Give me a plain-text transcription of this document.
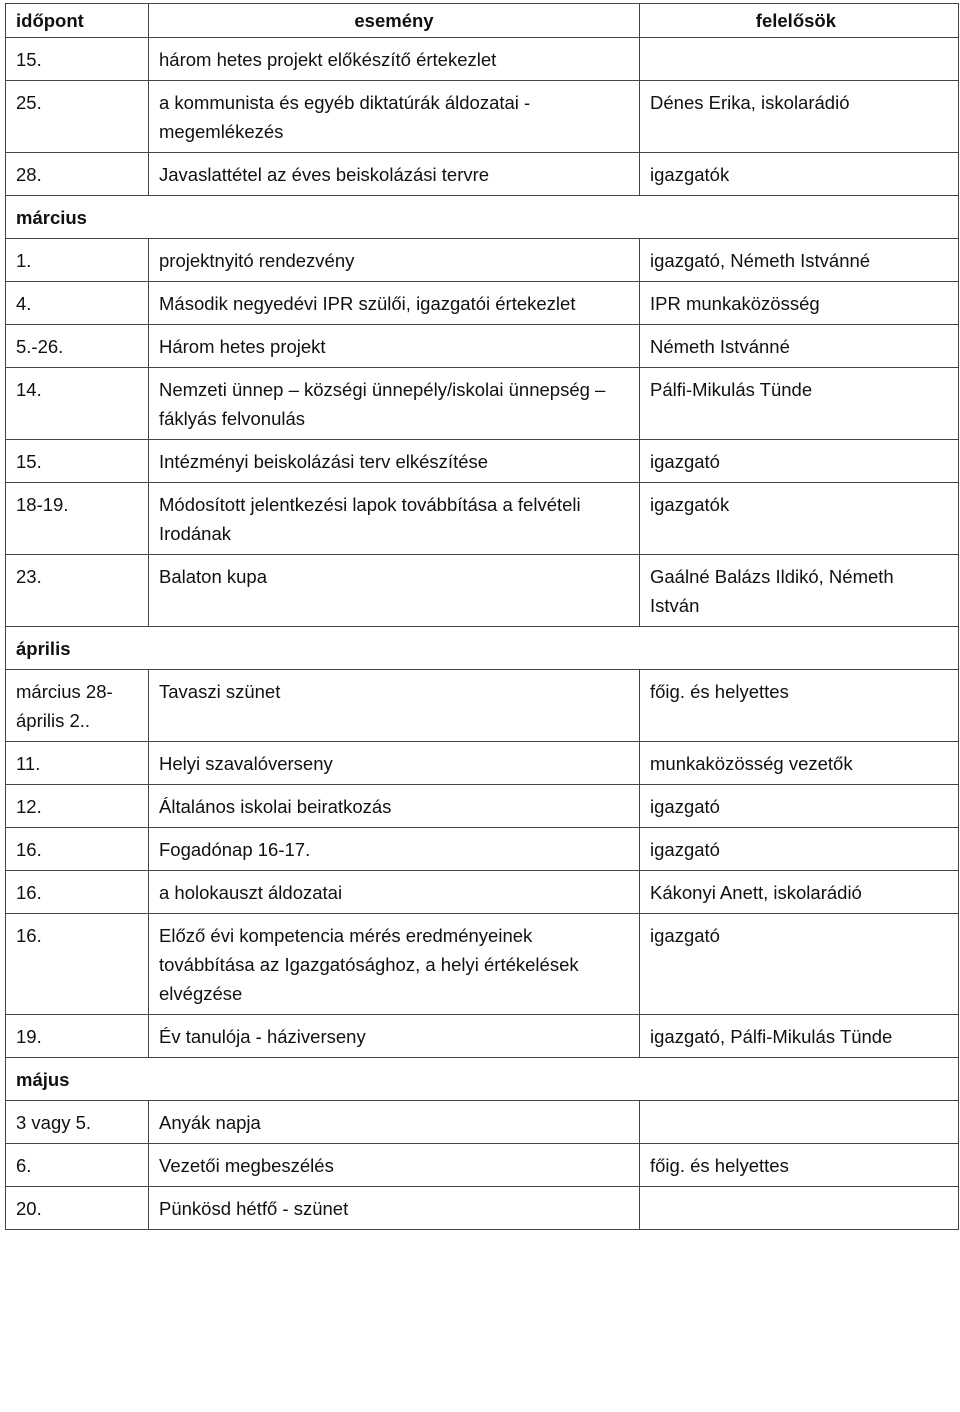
időpont	esemény	felelősök
15.	három hetes projekt előkészítő értekezlet	
25.	a kommunista és egyéb diktatúrák áldozatai - megemlékezés	Dénes Erika, iskolarádió
28.	Javaslattétel az éves beiskolázási tervre	igazgatók
március		
1.	projektnyitó rendezvény	igazgató, Németh Istvánné
4.	Második negyedévi IPR szülői, igazgatói értekezlet	IPR munkaközösség
5.-26.	Három hetes projekt	Németh Istvánné
14.	Nemzeti ünnep – községi ünnepély/iskolai ünnepség – fáklyás felvonulás	Pálfi-Mikulás Tünde
15.	Intézményi beiskolázási terv elkészítése	igazgató
18-19.	Módosított jelentkezési lapok továbbítása a felvételi Irodának	igazgatók
23.	Balaton kupa	Gaálné Balázs Ildikó, Németh István
április		
március 28-április 2..	Tavaszi szünet	főig. és helyettes
11.	Helyi szavalóverseny	munkaközösség vezetők
12.	Általános iskolai beiratkozás	igazgató
16.	Fogadónap 16-17.	igazgató
16.	a holokauszt áldozatai	Kákonyi Anett, iskolarádió
16.	Előző évi kompetencia mérés eredményeinek továbbítása az Igazgatósághoz, a helyi értékelések elvégzése	igazgató
19.	Év tanulója - háziverseny	igazgató, Pálfi-Mikulás Tünde
május		
3 vagy 5.	Anyák napja	
6.	Vezetői megbeszélés	főig. és helyettes
20.	Pünkösd hétfő - szünet	
